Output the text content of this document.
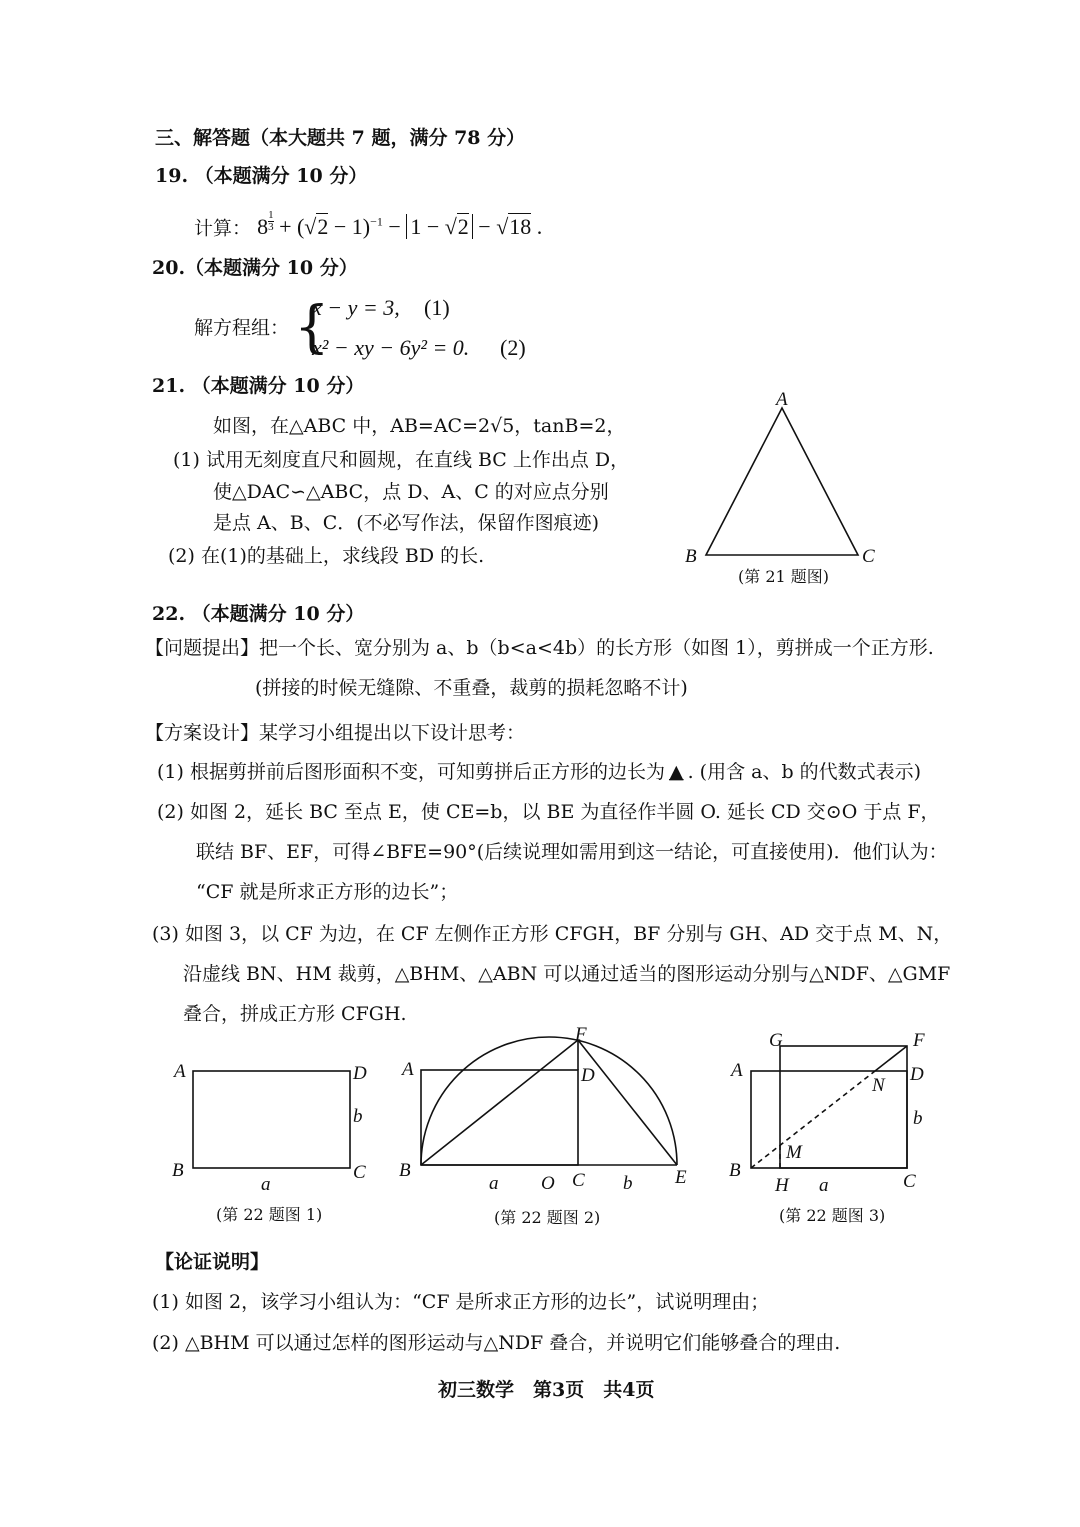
三、解答题（本大题共 7 题，满分 78 分）
19. （本题满分 10 分）
计算： $8 \frac{1}{3} + (√2 - 1)^{-1} - 1 - √2 - √18$ .
20.（本题满分 10 分）
解方程组： {
x − y = 3, (1)
x² − xy − 6y² = 0. (2)
21. （本题满分 10 分）
如图，在△ABC 中，AB=AC=2√5，tanB=2，
(1) 试用无刻度直尺和圆规，在直线 BC 上作出点 D，
使△DAC∽△ABC，点 D、A、C 的对应点分别
是点 A、B、C．(不必写作法，保留作图痕迹)
(2) 在(1)的基础上，求线段 BD 的长.
22. （本题满分 10 分）
【问题提出】把一个长、宽分别为 a、b（b<a<4b）的长方形（如图 1），剪拼成一个正方形.
(拼接的时候无缝隙、不重叠，裁剪的损耗忽略不计)
【方案设计】某学习小组提出以下设计思考：
(1) 根据剪拼前后图形面积不变，可知剪拼后正方形的边长为 ▲ . (用含 a、b 的代数式表示)
(2) 如图 2，延长 BC 至点 E，使 CE=b，以 BE 为直径作半圆 O. 延长 CD 交⊙O 于点 F，
联结 BF、EF，可得∠BFE=90°(后续说理如需用到这一结论，可直接使用)．他们认为：
“CF 就是所求正方形的边长”；
(3) 如图 3，以 CF 为边，在 CF 左侧作正方形 CFGH，BF 分别与 GH、AD 交于点 M、N，
沿虚线 BN、HM 裁剪，△BHM、△ABN 可以通过适当的图形运动分别与△NDF、△GMF
叠合，拼成正方形 CFGH.
A
B	C
(第 21 题图)
A	D
b
B	C
a
(第 22 题图 1)
A	D
F
B
a O C b E
(第 22 题图 2)
G	F
A
N
D
b
M
B
H a	C
(第 22 题图 3)
【论证说明】
(1) 如图 2，该学习小组认为：“CF 是所求正方形的边长”，试说明理由；
(2) △BHM 可以通过怎样的图形运动与△NDF 叠合，并说明它们能够叠合的理由.
初三数学　第3页　共4页
